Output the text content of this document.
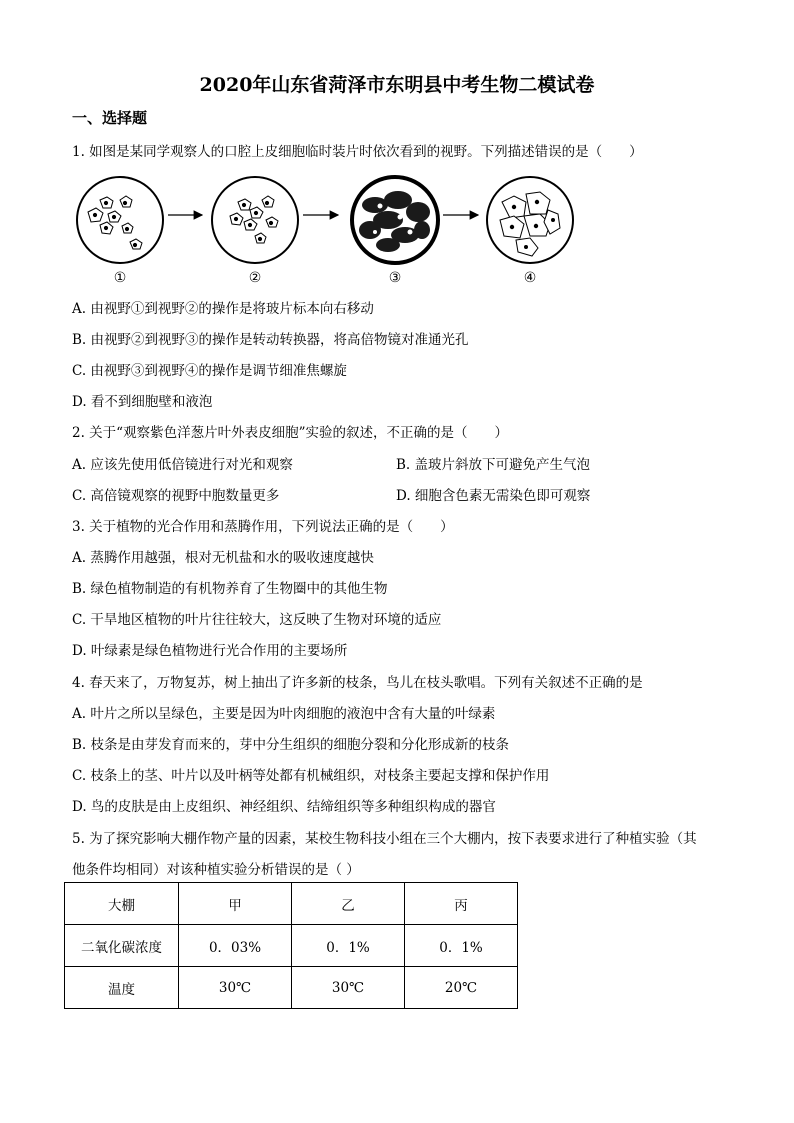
2020年山东省菏泽市东明县中考生物二模试卷
一、选择题
1. 如图是某同学观察人的口腔上皮细胞临时装片时依次看到的视野。下列描述错误的是（　　）
①	②	③	④
A. 由视野①到视野②的操作是将玻片标本向右移动
B. 由视野②到视野③的操作是转动转换器，将高倍物镜对准通光孔
C. 由视野③到视野④的操作是调节细准焦螺旋
D. 看不到细胞壁和液泡
2. 关于“观察紫色洋葱片叶外表皮细胞”实验的叙述，不正确的是（　　）
A. 应该先使用低倍镜进行对光和观察	B. 盖玻片斜放下可避免产生气泡
C. 高倍镜观察的视野中胞数量更多	D. 细胞含色素无需染色即可观察
3. 关于植物的光合作用和蒸腾作用，下列说法正确的是（　　）
A. 蒸腾作用越强，根对无机盐和水的吸收速度越快
B. 绿色植物制造的有机物养育了生物圈中的其他生物
C. 干旱地区植物的叶片往往较大，这反映了生物对环境的适应
D. 叶绿素是绿色植物进行光合作用的主要场所
4. 春天来了，万物复苏，树上抽出了许多新的枝条，鸟儿在枝头歌唱。下列有关叙述不正确的是
A. 叶片之所以呈绿色，主要是因为叶肉细胞的液泡中含有大量的叶绿素
B. 枝条是由芽发育而来的，芽中分生组织的细胞分裂和分化形成新的枝条
C. 枝条上的茎、叶片以及叶柄等处都有机械组织，对枝条主要起支撑和保护作用
D. 鸟的皮肤是由上皮组织、神经组织、结缔组织等多种组织构成的器官
5. 为了探究影响大棚作物产量的因素，某校生物科技小组在三个大棚内，按下表要求进行了种植实验（其
他条件均相同）对该种植实验分析错误的是（ ）
大棚	甲	乙	丙
二氧化碳浓度	0．03%	0．1%	0．1%
温度	30℃	30℃	20℃
